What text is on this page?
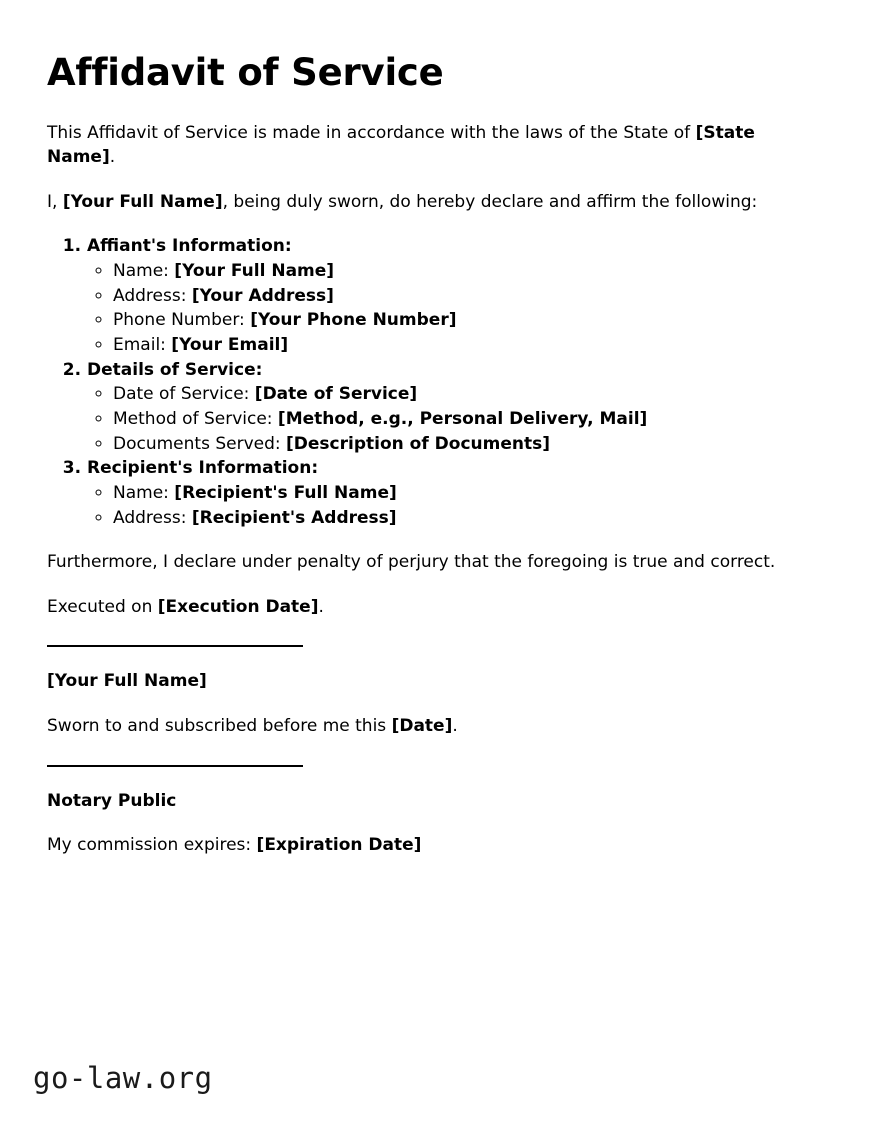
Affidavit of Service

This Affidavit of Service is made in accordance with the laws of the State of [State Name].

I, [Your Full Name], being duly sworn, do hereby declare and affirm the following:

1. Affiant's Information:
◦ Name: [Your Full Name]
◦ Address: [Your Address]
◦ Phone Number: [Your Phone Number]
◦ Email: [Your Email]
2. Details of Service:
◦ Date of Service: [Date of Service]
◦ Method of Service: [Method, e.g., Personal Delivery, Mail]
◦ Documents Served: [Description of Documents]
3. Recipient's Information:
◦ Name: [Recipient's Full Name]
◦ Address: [Recipient's Address]

Furthermore, I declare under penalty of perjury that the foregoing is true and correct.

Executed on [Execution Date].

[Your Full Name]

Sworn to and subscribed before me this [Date].

Notary Public

My commission expires: [Expiration Date]

go-law.org
